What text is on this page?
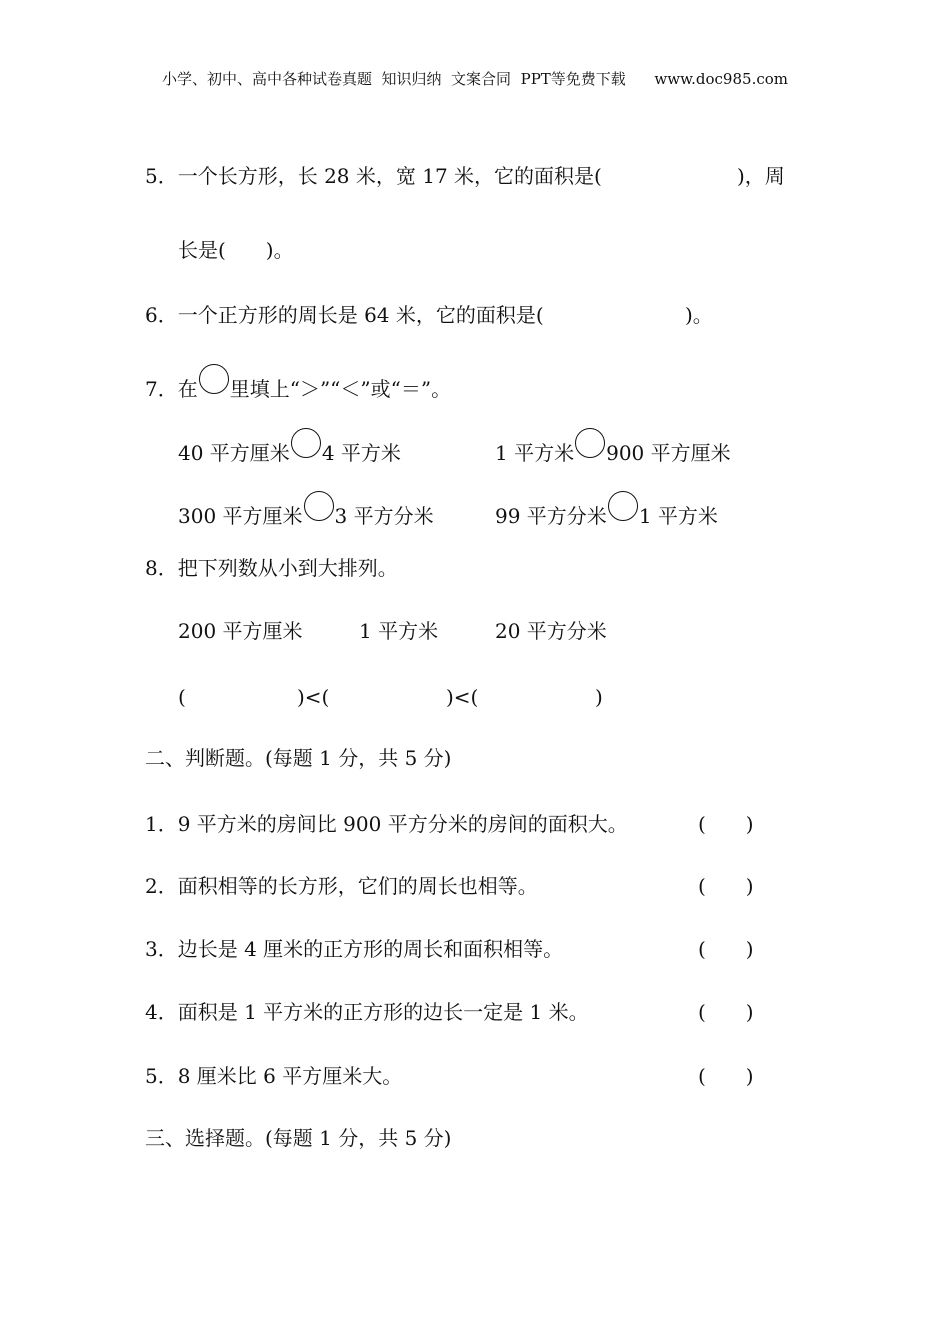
小学、初中、高中各种试卷真题  知识归纳  文案合同  PPT等免费下载      www.doc985.com
5．一个长方形，长 28 米，宽 17 米，它的面积是(	)，周
长是(　　)。
6．一个正方形的周长是 64 米，它的面积是(	)。
7．在 里填上“＞”“＜”或“＝”。
40 平方厘米 4 平方米	1 平方米 900 平方厘米
300 平方厘米 3 平方分米	99 平方分米 1 平方米
8．把下列数从小到大排列。
200 平方厘米	1 平方米	20 平方分米
(	)<(	)<(	)
二、判断题。(每题 1 分，共 5 分)
1．9 平方米的房间比 900 平方分米的房间的面积大。	(　　)
2．面积相等的长方形，它们的周长也相等。	(　　)
3．边长是 4 厘米的正方形的周长和面积相等。	(　　)
4．面积是 1 平方米的正方形的边长一定是 1 米。	(　　)
5．8 厘米比 6 平方厘米大。	(　　)
三、选择题。(每题 1 分，共 5 分)
